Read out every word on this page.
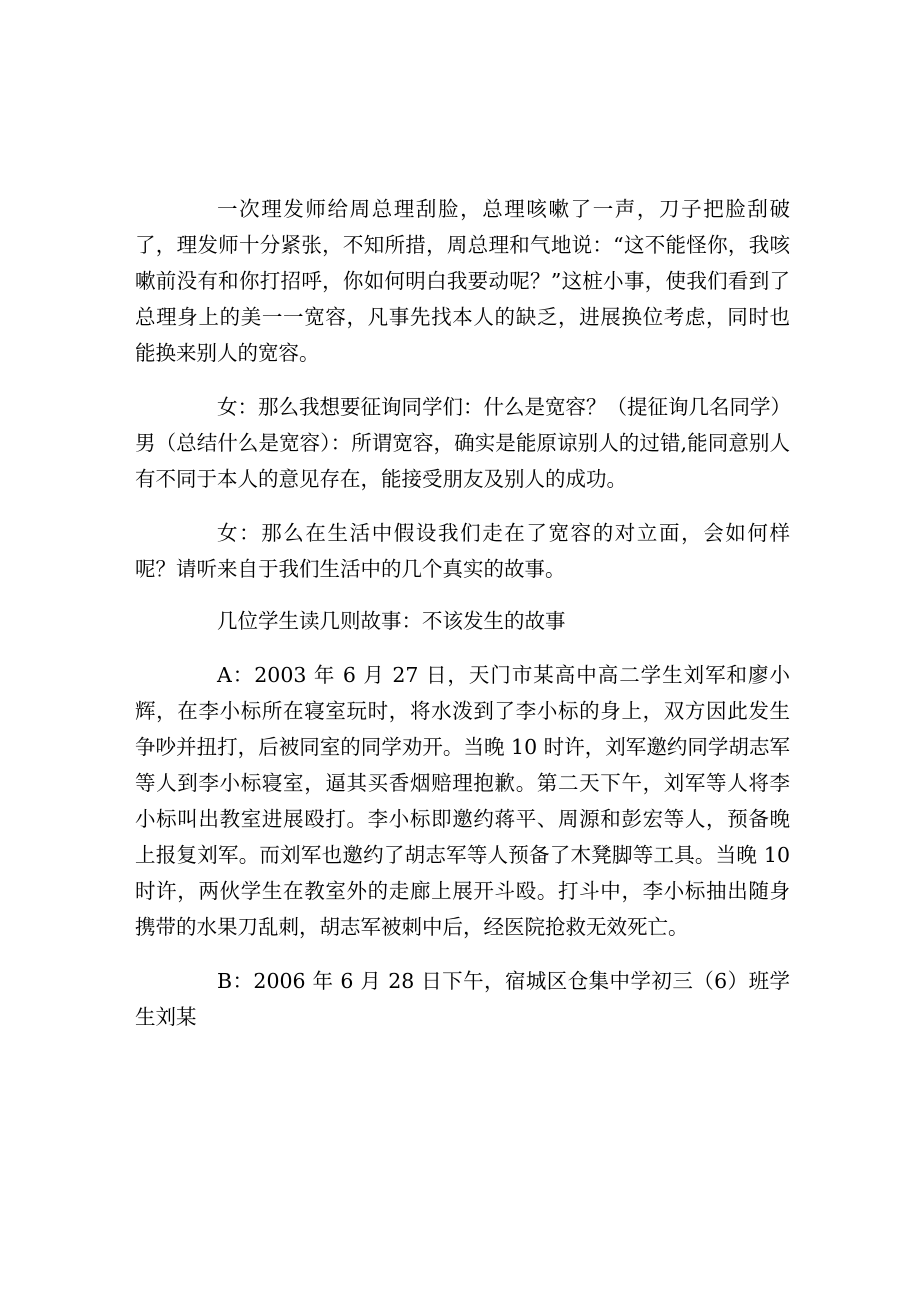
一次理发师给周总理刮脸，总理咳嗽了一声，刀子把脸刮破了，理发师十分紧张，不知所措，周总理和气地说：“这不能怪你，我咳嗽前没有和你打招呼，你如何明白我要动呢？”这桩小事，使我们看到了总理身上的美一一宽容，凡事先找本人的缺乏，进展换位考虑，同时也能换来别人的宽容。

女：那么我想要征询同学们：什么是宽容？（提征询几名同学）

男（总结什么是宽容）：所谓宽容，确实是能原谅别人的过错,能同意别人有不同于本人的意见存在，能接受朋友及别人的成功。

女：那么在生活中假设我们走在了宽容的对立面，会如何样呢？请听来自于我们生活中的几个真实的故事。

几位学生读几则故事：不该发生的故事

A：2003 年 6 月 27 日，天门市某高中高二学生刘军和廖小辉，在李小标所在寝室玩时，将水泼到了李小标的身上，双方因此发生争吵并扭打，后被同室的同学劝开。当晚 10 时许，刘军邀约同学胡志军等人到李小标寝室，逼其买香烟赔理抱歉。第二天下午，刘军等人将李小标叫出教室进展殴打。李小标即邀约蒋平、周源和彭宏等人，预备晚上报复刘军。而刘军也邀约了胡志军等人预备了木凳脚等工具。当晚 10 时许，两伙学生在教室外的走廊上展开斗殴。打斗中，李小标抽出随身携带的水果刀乱刺，胡志军被刺中后，经医院抢救无效死亡。

B：2006 年 6 月 28 日下午，宿城区仓集中学初三（6）班学生刘某
